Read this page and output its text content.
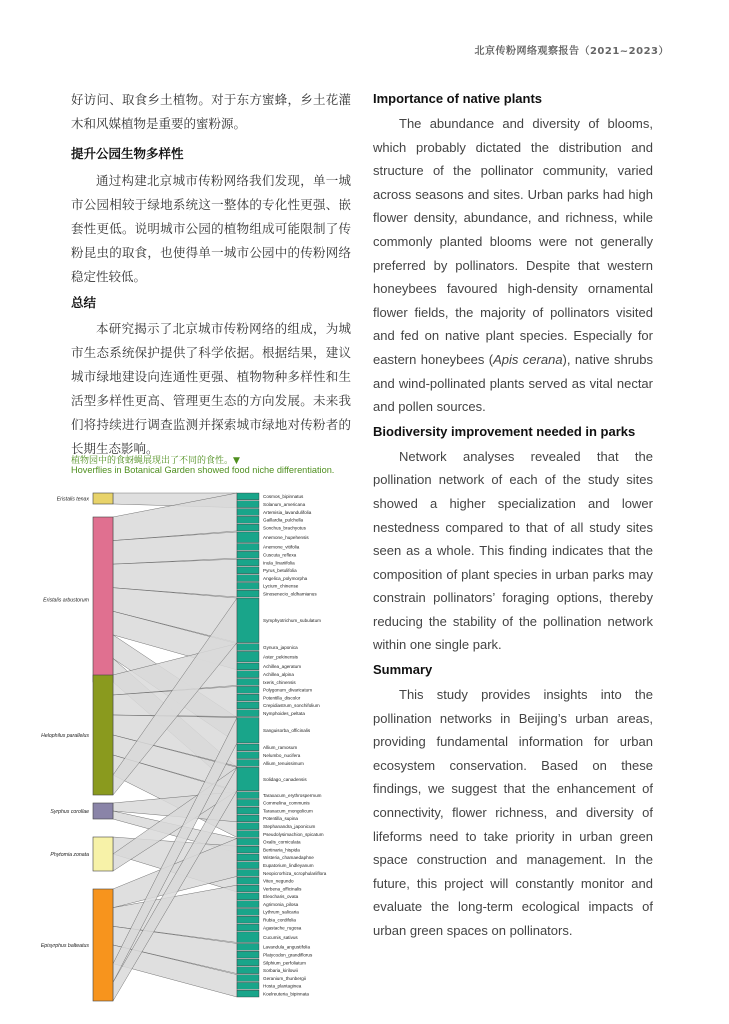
北京传粉网络观察报告（2021~2023）

好访问、取食乡土植物。对于东方蜜蜂，乡土花灌木和风媒植物是重要的蜜粉源。

提升公园生物多样性

通过构建北京城市传粉网络我们发现，单一城市公园相较于绿地系统这一整体的专化性更强、嵌套性更低。说明城市公园的植物组成可能限制了传粉昆虫的取食，也使得单一城市公园中的传粉网络稳定性较低。

总结

本研究揭示了北京城市传粉网络的组成，为城市生态系统保护提供了科学依据。根据结果，建议城市绿地建设向连通性更强、植物物种多样性和生活型多样性更高、管理更生态的方向发展。未来我们将持续进行调查监测并探索城市绿地对传粉者的长期生态影响。

植物园中的食蚜蝇展现出了不同的食性。▼
Hoverflies in Botanical Garden showed food niche differentiation.
Eristalis tenax
Eristalis arbustorum
Helophilus parallelus
Syrphus corollae
Phytomia zonata
Episyrphus balteatus
Cosmos_bipinnatus
Solanum_americana
Artemisia_lavandulifolia
Gaillardia_pulchella
Sonchus_brachyotus
Anemone_hupehensis
Anemone_vitifolia
Cuscuta_reflexa
Inula_linariifolia
Pyrus_betulifolia
Angelica_polymorpha
Lycium_chinense
Sinosenecio_oldhamianus
Symphyotrichum_subulatum
Gynura_japonica
Aster_pekinensis
Achillea_ageratum
Achillea_alpina
Ixeris_chinensis
Polygonum_divaricatum
Potentilla_discolor
Crepidiastrum_sonchifolium
Nymphoides_peltata
Sanguisorba_officinalis
Allium_ramosum
Nelumbo_nucifera
Allium_tenuissimum
Solidago_canadensis
Taraxacum_erythrospermum
Commelina_communis
Taraxacum_mongolicum
Potentilla_supina
Stephanandra_japonicum
Pseudolysimachion_spicatum
Oxalis_corniculata
Bertinaria_hispida
Wisteria_chamaedaphne
Eupatorium_lindleyanum
Neopicrorhiza_scrophulariiflora
Vitex_negundo
Verbena_officinalis
Eleocharis_ovata
Agrimonia_pilosa
Lythrum_salicaria
Rubia_cordifolia
Agastache_rugosa
Cucumis_sativus
Lavandula_angustifolia
Platycodon_grandiflorus
Silphium_perfoliatum
Sorbaria_kirilowii
Geranium_thunbergii
Hosta_plantaginea
Koelreuteria_bipinnata

Importance of native plants

The abundance and diversity of blooms, which probably dictated the distribution and structure of the pollinator community, varied across seasons and sites. Urban parks had high flower density, abundance, and richness, while commonly planted blooms were not generally preferred by pollinators. Despite that western honeybees favoured high-density ornamental flower fields, the majority of pollinators visited and fed on native plant species. Especially for eastern honeybees (Apis cerana), native shrubs and wind-pollinated plants served as vital nectar and pollen sources.

Biodiversity improvement needed in parks

Network analyses revealed that the pollination network of each of the study sites showed a higher specialization and lower nestedness compared to that of all study sites seen as a whole. This finding indicates that the composition of plant species in urban parks may constrain pollinators’ foraging options, thereby reducing the stability of the pollination network within one single park.

Summary

This study provides insights into the pollination networks in Beijing’s urban areas, providing fundamental information for urban ecosystem conservation. Based on these findings, we suggest that the enhancement of connectivity, flower richness, and diversity of lifeforms need to take priority in urban green space construction and management. In the future, this project will constantly monitor and evaluate the long-term ecological impacts of urban green spaces on pollinators.
